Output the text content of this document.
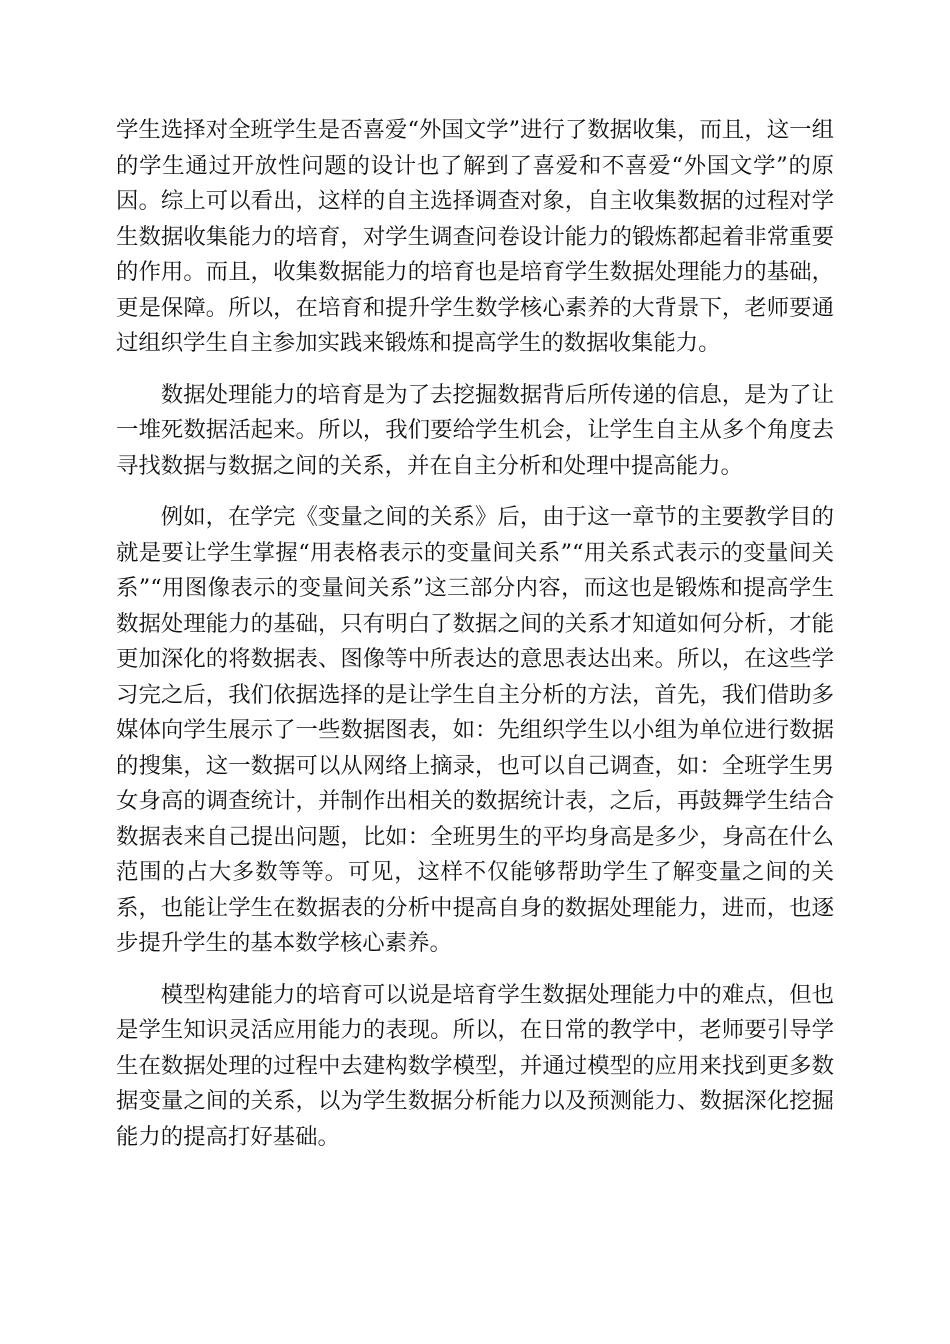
学生选择对全班学生是否喜爱“外国文学”进行了数据收集，而且，这一组的学生通过开放性问题的设计也了解到了喜爱和不喜爱“外国文学”的原因。综上可以看出，这样的自主选择调查对象，自主收集数据的过程对学生数据收集能力的培育，对学生调查问卷设计能力的锻炼都起着非常重要的作用。而且，收集数据能力的培育也是培育学生数据处理能力的基础，更是保障。所以，在培育和提升学生数学核心素养的大背景下，老师要通过组织学生自主参加实践来锻炼和提高学生的数据收集能力。

数据处理能力的培育是为了去挖掘数据背后所传递的信息，是为了让一堆死数据活起来。所以，我们要给学生机会，让学生自主从多个角度去寻找数据与数据之间的关系，并在自主分析和处理中提高能力。

例如，在学完《变量之间的关系》后，由于这一章节的主要教学目的就是要让学生掌握“用表格表示的变量间关系”“用关系式表示的变量间关系”“用图像表示的变量间关系”这三部分内容，而这也是锻炼和提高学生数据处理能力的基础，只有明白了数据之间的关系才知道如何分析，才能更加深化的将数据表、图像等中所表达的意思表达出来。所以，在这些学习完之后，我们依据选择的是让学生自主分析的方法，首先，我们借助多媒体向学生展示了一些数据图表，如：先组织学生以小组为单位进行数据的搜集，这一数据可以从网络上摘录，也可以自己调查，如：全班学生男女身高的调查统计，并制作出相关的数据统计表，之后，再鼓舞学生结合数据表来自己提出问题，比如：全班男生的平均身高是多少，身高在什么范围的占大多数等等。可见，这样不仅能够帮助学生了解变量之间的关系，也能让学生在数据表的分析中提高自身的数据处理能力，进而，也逐步提升学生的基本数学核心素养。

模型构建能力的培育可以说是培育学生数据处理能力中的难点，但也是学生知识灵活应用能力的表现。所以，在日常的教学中，老师要引导学生在数据处理的过程中去建构数学模型，并通过模型的应用来找到更多数据变量之间的关系，以为学生数据分析能力以及预测能力、数据深化挖掘能力的提高打好基础。
